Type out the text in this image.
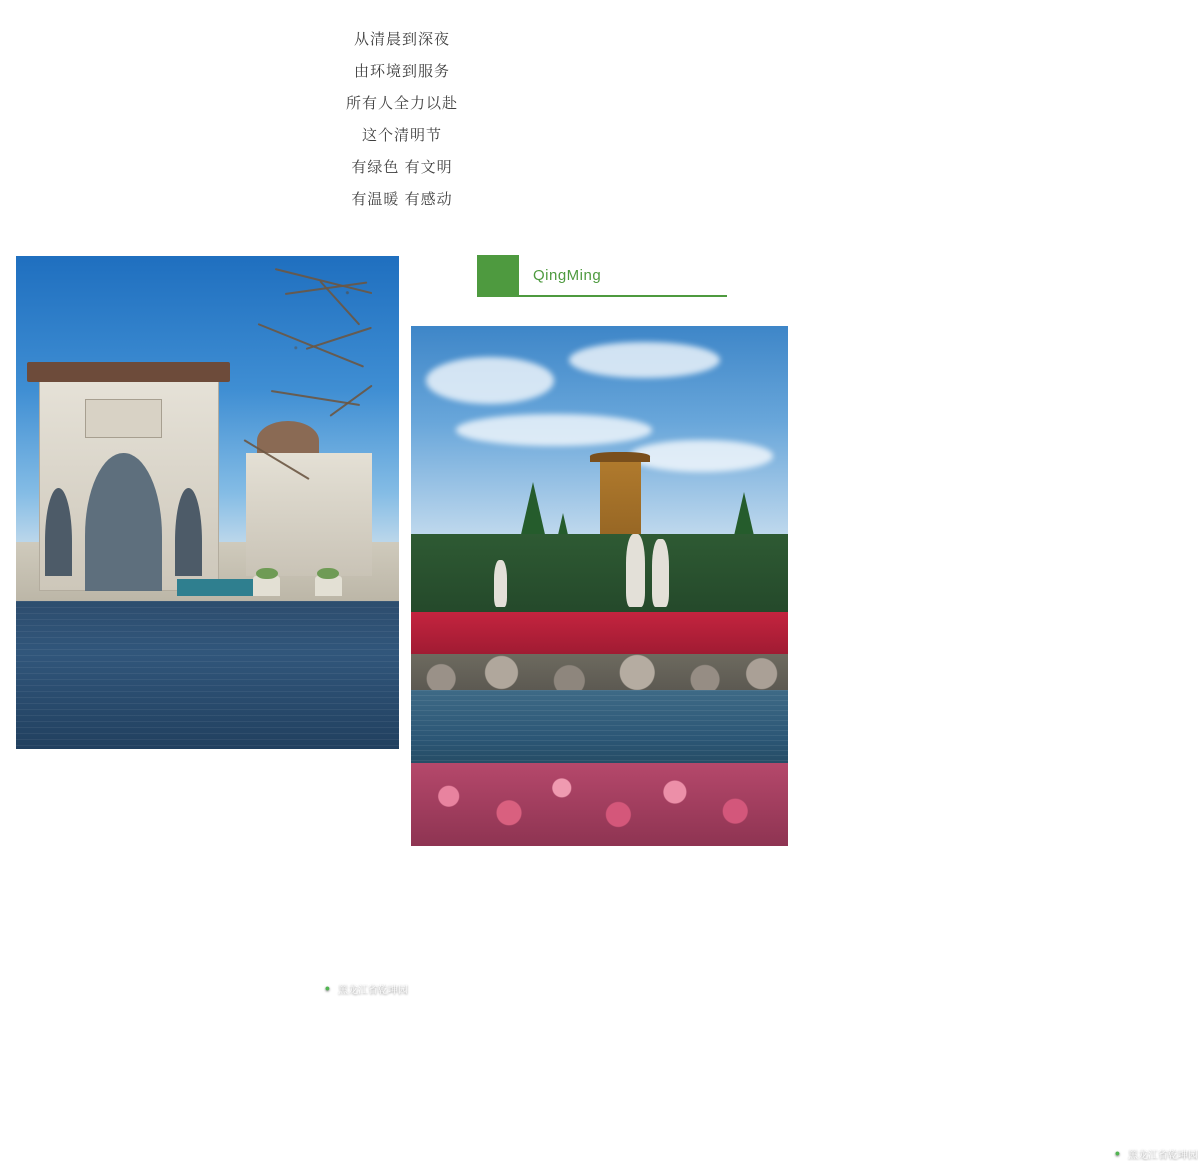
从清晨到深夜
由环境到服务
所有人全力以赴
这个清明节
有绿色 有文明
有温暖 有感动
QingMing
● 黑龙江省乾坤园
● 黑龙江省乾坤园
